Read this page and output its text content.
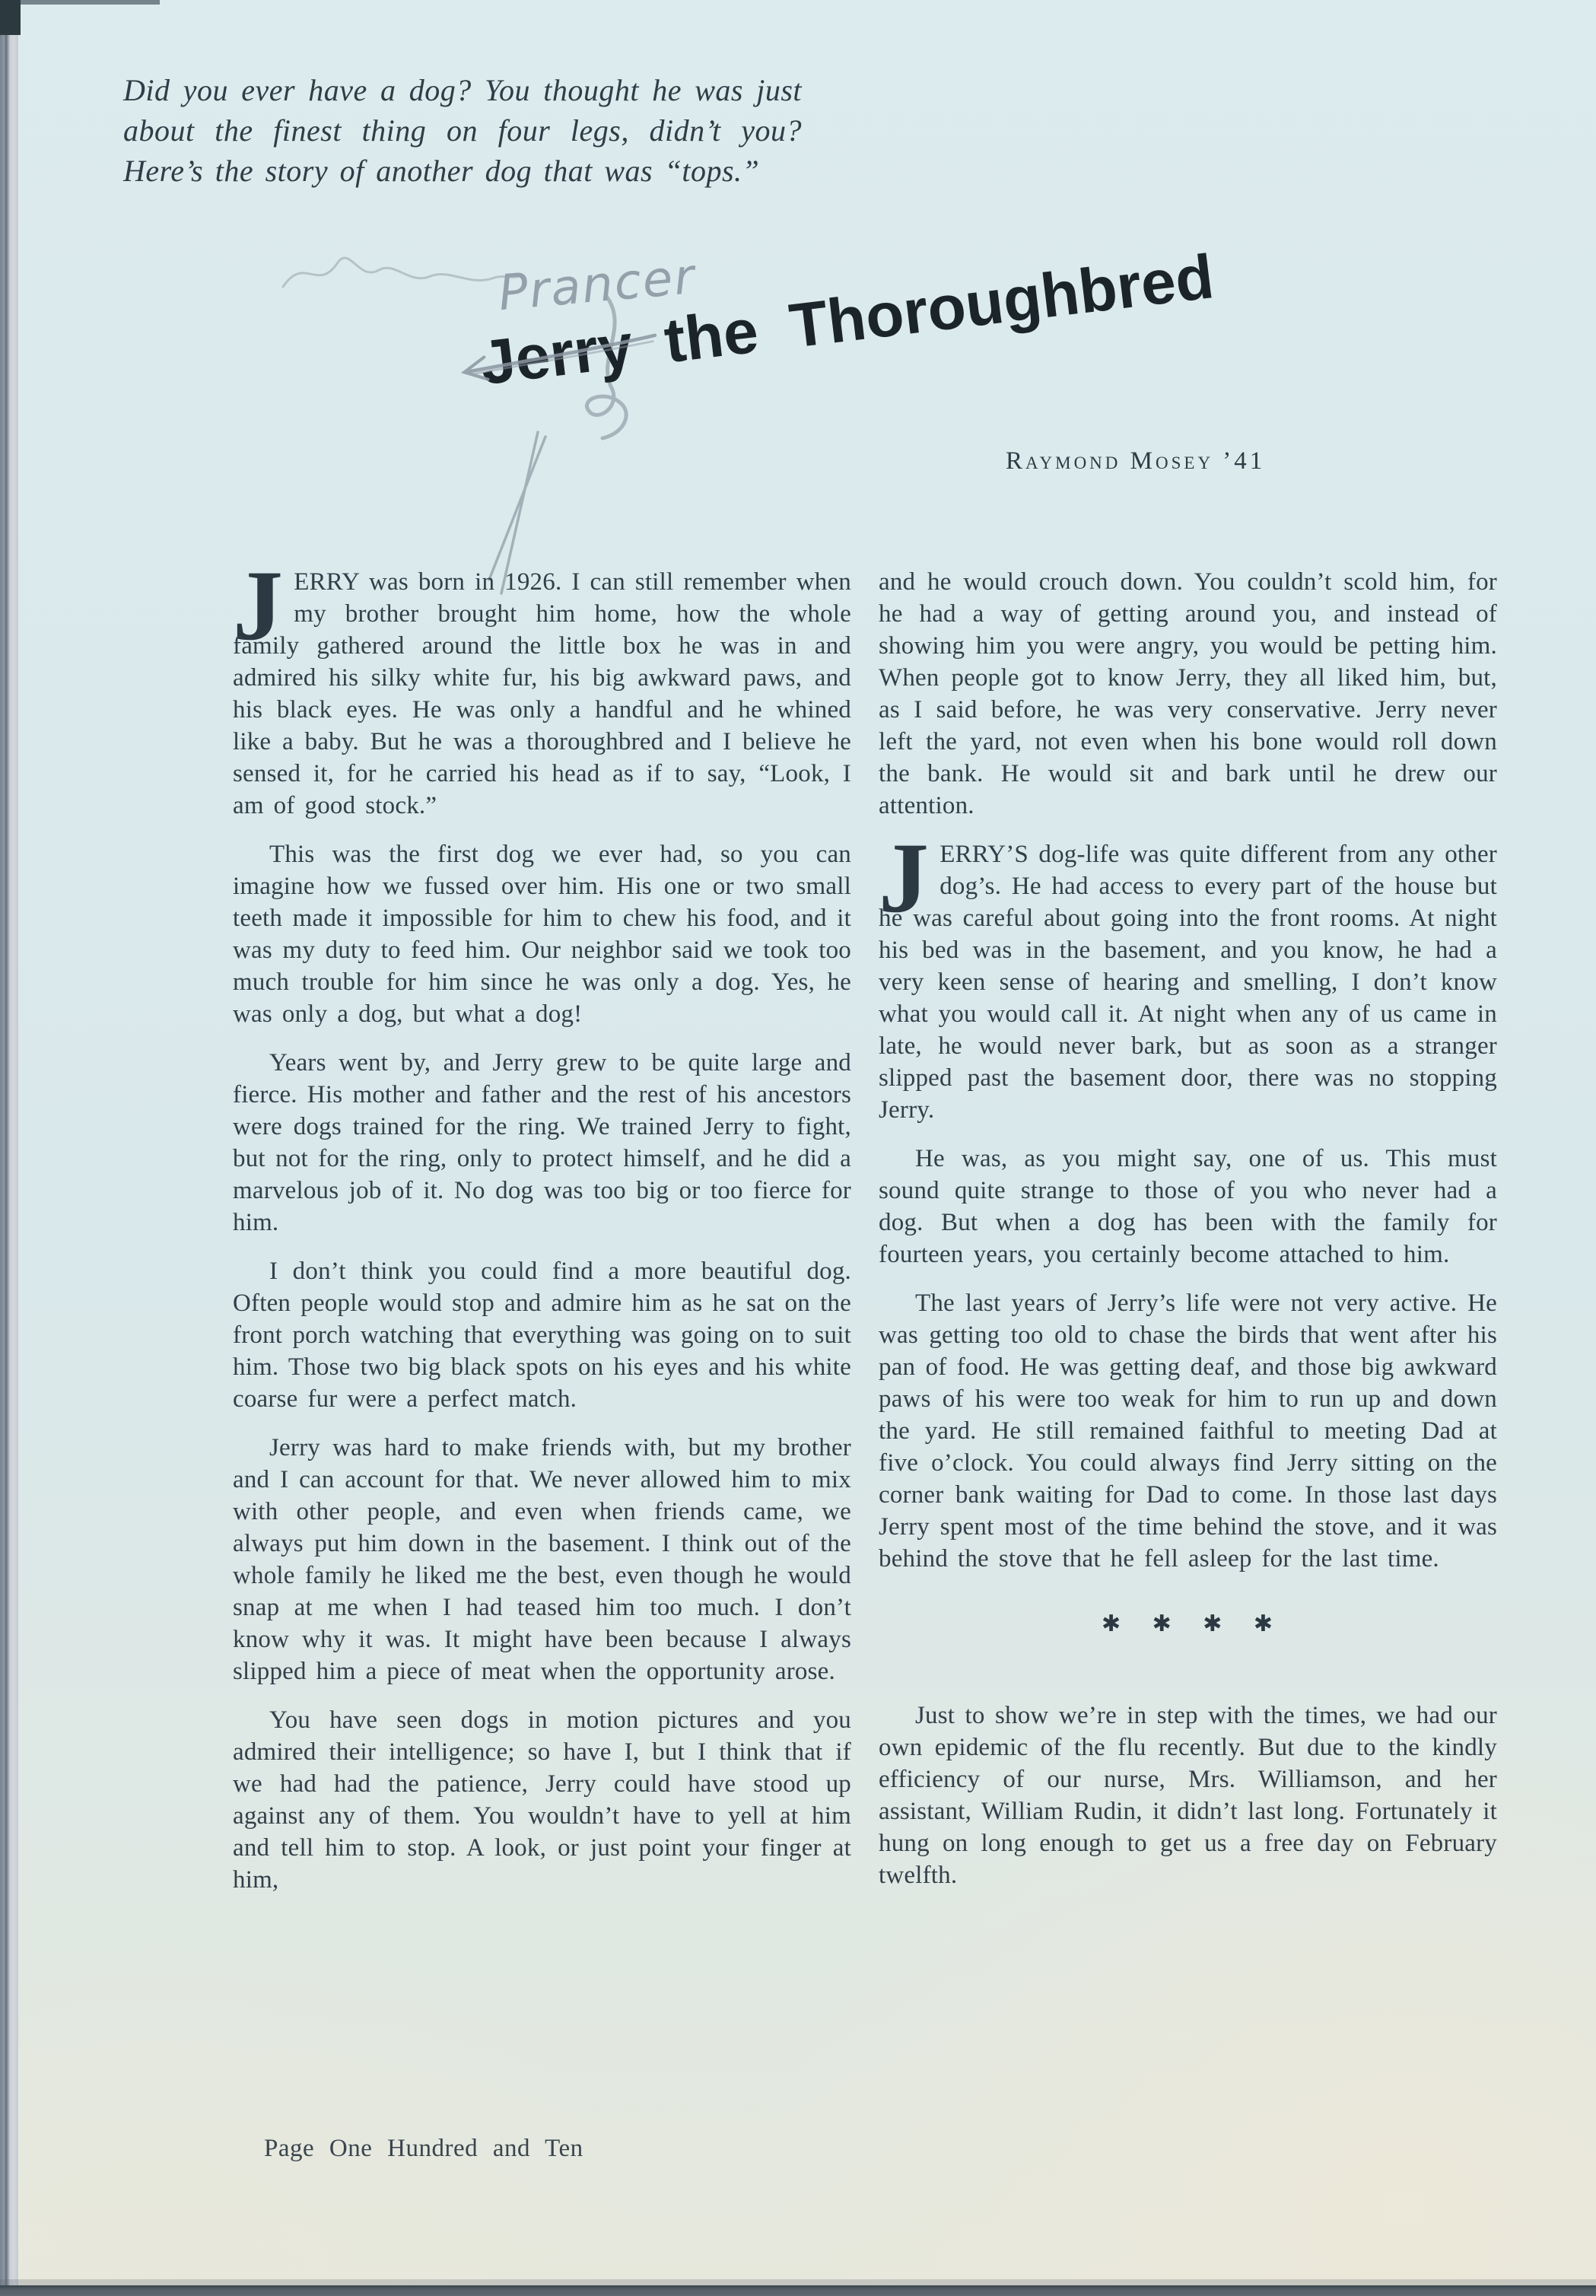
Did you ever have a dog? You thought he was just about the finest thing on four legs, didn’t you? Here’s the story of another dog that was “tops.”

Prancer
Jerry the Thoroughbred
Raymond Mosey ’41

JERRY was born in 1926. I can still remember when my brother brought him home, how the whole family gathered around the little box he was in and admired his silky white fur, his big awkward paws, and his black eyes. He was only a handful and he whined like a baby. But he was a thoroughbred and I believe he sensed it, for he carried his head as if to say, “Look, I am of good stock.”

This was the first dog we ever had, so you can imagine how we fussed over him. His one or two small teeth made it impossible for him to chew his food, and it was my duty to feed him. Our neighbor said we took too much trouble for him since he was only a dog. Yes, he was only a dog, but what a dog!

Years went by, and Jerry grew to be quite large and fierce. His mother and father and the rest of his ancestors were dogs trained for the ring. We trained Jerry to fight, but not for the ring, only to protect himself, and he did a marvelous job of it. No dog was too big or too fierce for him.

I don’t think you could find a more beautiful dog. Often people would stop and admire him as he sat on the front porch watching that everything was going on to suit him. Those two big black spots on his eyes and his white coarse fur were a perfect match.

Jerry was hard to make friends with, but my brother and I can account for that. We never allowed him to mix with other people, and even when friends came, we always put him down in the basement. I think out of the whole family he liked me the best, even though he would snap at me when I had teased him too much. I don’t know why it was. It might have been because I always slipped him a piece of meat when the opportunity arose.

You have seen dogs in motion pictures and you admired their intelligence; so have I, but I think that if we had had the patience, Jerry could have stood up against any of them. You wouldn’t have to yell at him and tell him to stop. A look, or just point your finger at him,

and he would crouch down. You couldn’t scold him, for he had a way of getting around you, and instead of showing him you were angry, you would be petting him. When people got to know Jerry, they all liked him, but, as I said before, he was very conservative. Jerry never left the yard, not even when his bone would roll down the bank. He would sit and bark until he drew our attention.

JERRY’S dog-life was quite different from any other dog’s. He had access to every part of the house but he was careful about going into the front rooms. At night his bed was in the basement, and you know, he had a very keen sense of hearing and smelling, I don’t know what you would call it. At night when any of us came in late, he would never bark, but as soon as a stranger slipped past the basement door, there was no stopping Jerry.

He was, as you might say, one of us. This must sound quite strange to those of you who never had a dog. But when a dog has been with the family for fourteen years, you certainly become attached to him.

The last years of Jerry’s life were not very active. He was getting too old to chase the birds that went after his pan of food. He was getting deaf, and those big awkward paws of his were too weak for him to run up and down the yard. He still remained faithful to meeting Dad at five o’clock. You could always find Jerry sitting on the corner bank waiting for Dad to come. In those last days Jerry spent most of the time behind the stove, and it was behind the stove that he fell asleep for the last time.

✱ ✱ ✱ ✱

Just to show we’re in step with the times, we had our own epidemic of the flu recently. But due to the kindly efficiency of our nurse, Mrs. Williamson, and her assistant, William Rudin, it didn’t last long. Fortunately it hung on long enough to get us a free day on February twelfth.

Page One Hundred and Ten
